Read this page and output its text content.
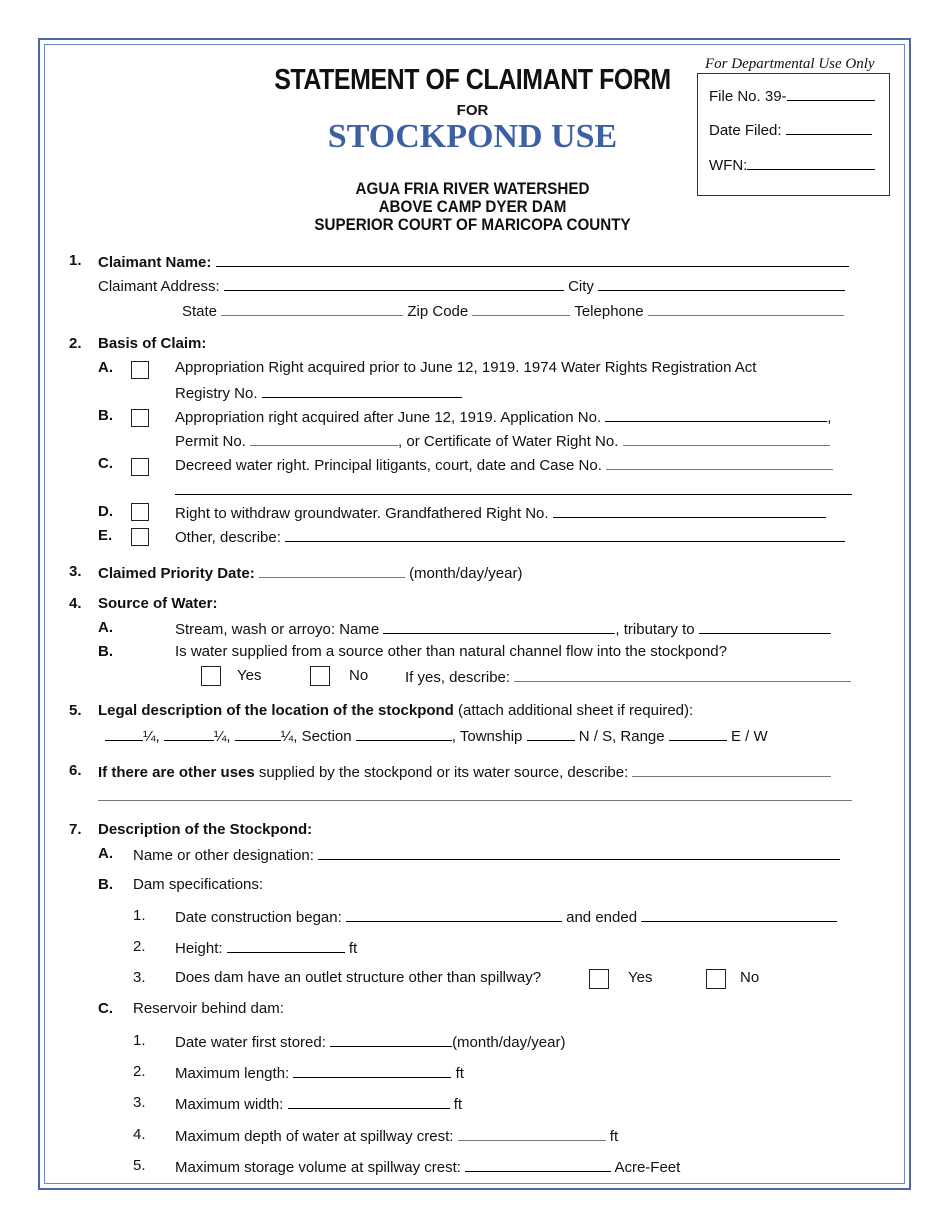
STATEMENT OF CLAIMANT FORM
FOR
STOCKPOND USE
AGUA FRIA RIVER WATERSHED
ABOVE CAMP DYER DAM
SUPERIOR COURT OF MARICOPA COUNTY
For Departmental Use Only
File No. 39-
Date Filed:
WFN:
1. Claimant Name:
Claimant Address:	City
State	Zip Code	Telephone
2. Basis of Claim:
A.	Appropriation Right acquired prior to June 12, 1919. 1974 Water Rights Registration Act
Registry No.
B.	Appropriation right acquired after June 12, 1919. Application No.	,
Permit No.	, or Certificate of Water Right No.
C.	Decreed water right. Principal litigants, court, date and Case No.
D.	Right to withdraw groundwater. Grandfathered Right No.
E.	Other, describe:
3. Claimed Priority Date:	(month/day/year)
4. Source of Water:
A.	Stream, wash or arroyo: Name	, tributary to
B.	Is water supplied from a source other than natural channel flow into the stockpond?
Yes	No If yes, describe:
5. Legal description of the location of the stockpond (attach additional sheet if required):
¼,	¼,	¼, Section	, Township	N / S, Range	E / W
6. If there are other uses supplied by the stockpond or its water source, describe:
7. Description of the Stockpond:
A. Name or other designation:
B. Dam specifications:
1. Date construction began:	and ended
2. Height:	ft
3. Does dam have an outlet structure other than spillway?	Yes	No
C. Reservoir behind dam:
1. Date water first stored:	(month/day/year)
2. Maximum length:	ft
3. Maximum width:	ft
4. Maximum depth of water at spillway crest:	ft
5. Maximum storage volume at spillway crest:	Acre-Feet
